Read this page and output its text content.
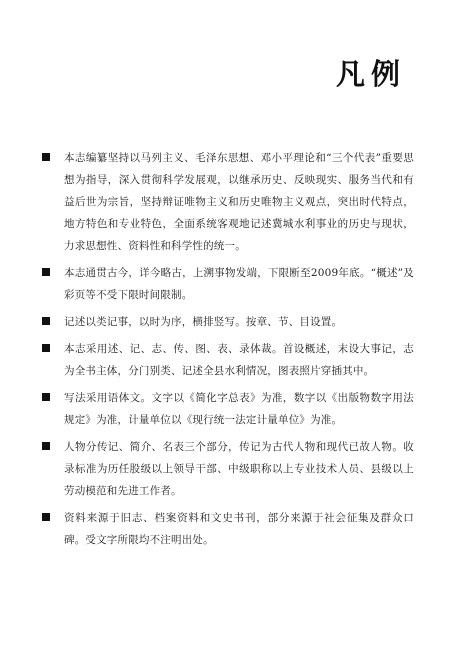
凡例
本志编纂坚持以马列主义、毛泽东思想、邓小平理论和“三个代表”重要思想为指导，深入贯彻科学发展观，以继承历史、反映现实、服务当代和有益后世为宗旨，坚持辩证唯物主义和历史唯物主义观点，突出时代特点，地方特色和专业特色，全面系统客观地记述冀城水利事业的历史与现状，力求思想性、资料性和科学性的统一。
本志通贯古今，详今略古，上溯事物发端，下限断至2009年底。“概述”及彩页等不受下限时间限制。
记述以类记事，以时为序，横排竖写。按章、节、目设置。
本志采用述、记、志、传、图、表、录体裁。首设概述，末设大事记，志为全书主体，分门别类、记述全县水利情况，图表照片穿插其中。
写法采用语体文。文字以《简化字总表》为准，数字以《出版物数字用法规定》为准，计量单位以《现行统一法定计量单位》为准。
人物分传记、简介、名表三个部分，传记为古代人物和现代已故人物。收录标准为历任股级以上领导干部、中级职称以上专业技术人员、县级以上劳动模范和先进工作者。
资料来源于旧志、档案资料和文史书刊，部分来源于社会征集及群众口碑。受文字所限均不注明出处。
